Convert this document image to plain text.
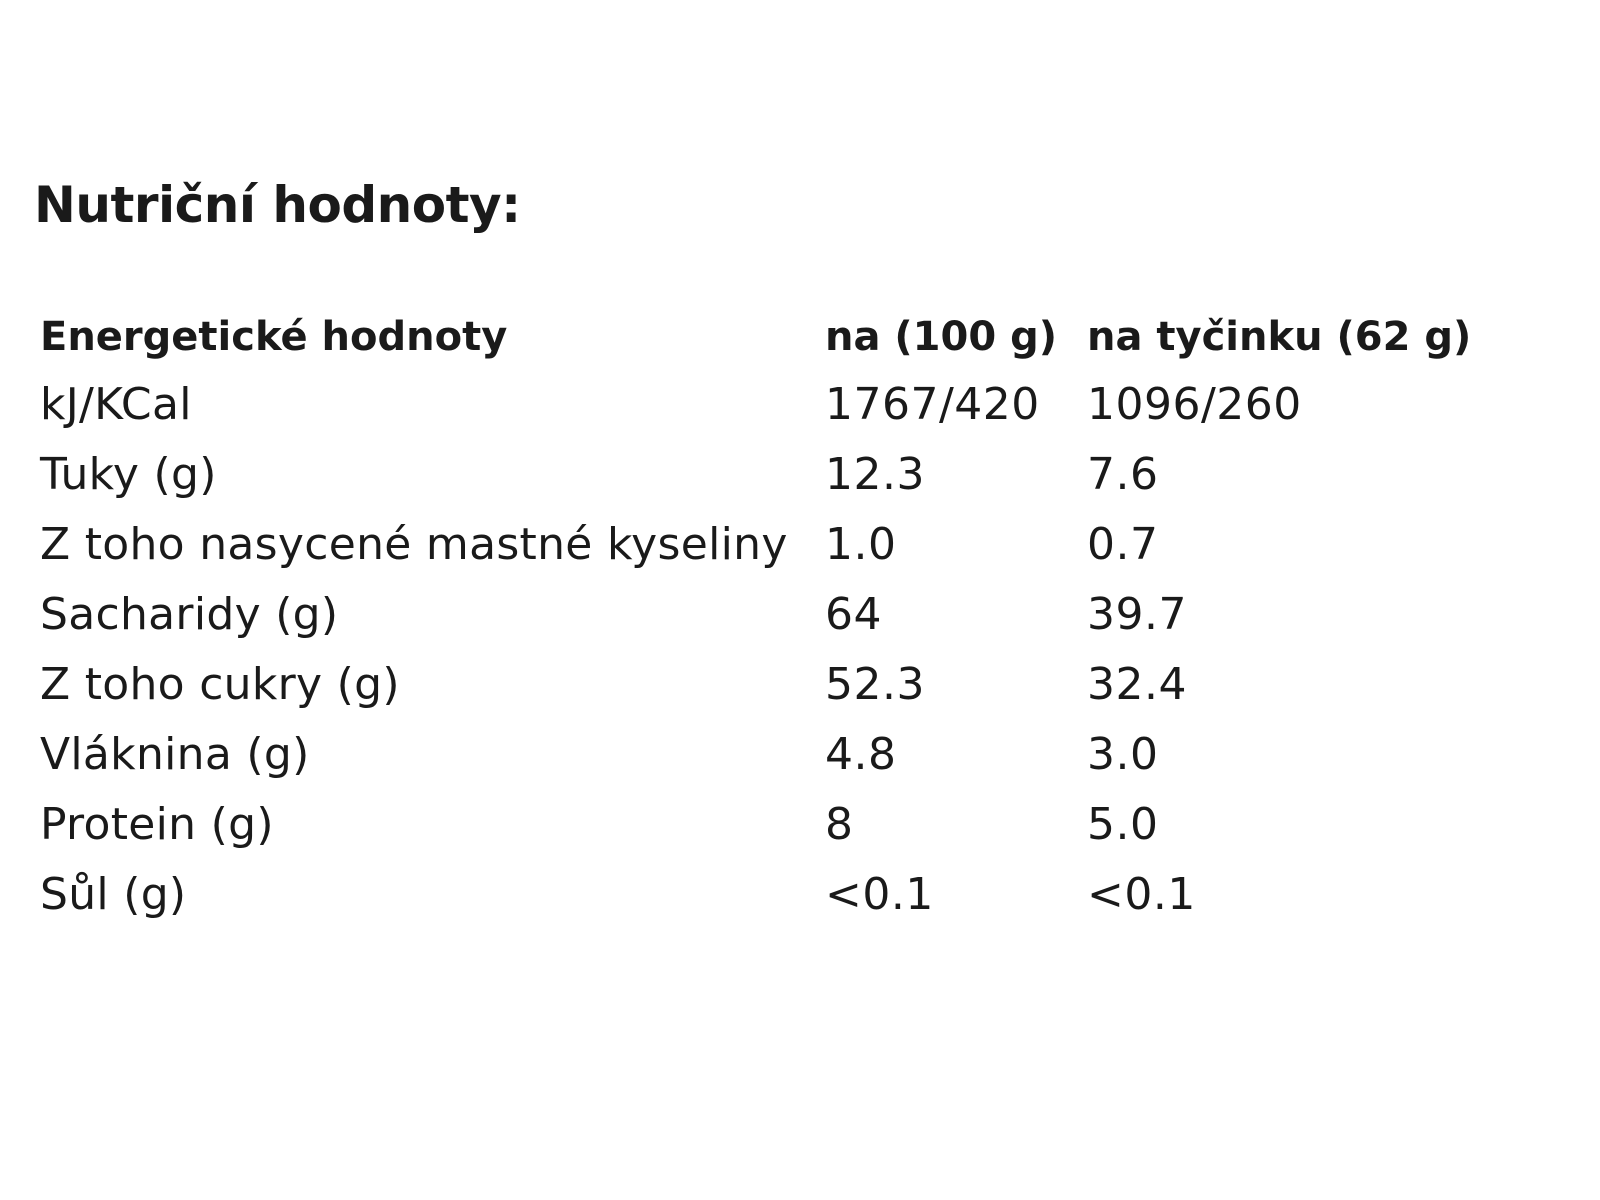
Nutriční hodnoty:
Energetické hodnoty	na (100 g)	na tyčinku (62 g)
kJ/KCal	1767/420	1096/260
Tuky (g)	12.3	7.6
Z toho nasycené mastné kyseliny	1.0	0.7
Sacharidy (g)	64	39.7
Z toho cukry (g)	52.3	32.4
Vláknina (g)	4.8	3.0
Protein (g)	8	5.0
Sůl (g)	<0.1	<0.1
